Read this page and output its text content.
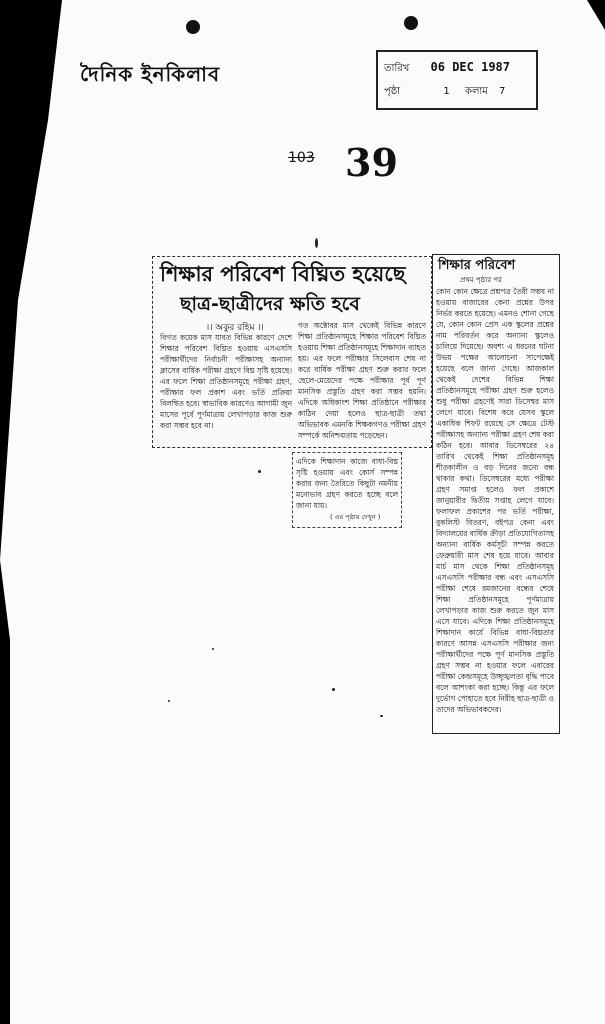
দৈনিক ইনকিলাব	তারিখ 06 DEC 1987
পৃষ্ঠা	1 কলাম 7
103 39
শিক্ষার পরিবেশ বিঘ্নিত হয়েছে
ছাত্র-ছাত্রীদের ক্ষতি হবে
।। অকুর রহিম ।।
বিগত কয়েক মাস যাবত বিভিন্ন কারণে দেশে শিক্ষার পরিবেশ বিঘ্নিত হওয়ায় এসএসসি পরীক্ষার্থীদের নির্বাচনী পরীক্ষাসহ অন্যান্য ক্লাসের বার্ষিক পরীক্ষা গ্রহণে বিঘ্ন সৃষ্টি হয়েছে। এর ফলে শিক্ষা প্রতিষ্ঠানসমূহে পরীক্ষা গ্রহণ, পরীক্ষার ফল প্রকাশ এবং ভর্তি প্রক্রিয়া বিলম্বিত হবে। স্বাভাবিক কারণেও আগামী জুন মাসের পূর্বে পূর্ণমাত্রায় লেখাপড়ার কাজ শুরু করা সম্ভব হবে না।
গত অক্টোবর মাস থেকেই বিভিন্ন কারণে শিক্ষা প্রতিষ্ঠানসমূহে শিক্ষার পরিবেশ বিঘ্নিত হওয়ায় শিক্ষা প্রতিষ্ঠানসমূহে শিক্ষাদান ব্যাহত হয়। এর ফলে পরীক্ষার সিলেবাস শেষ না করে বার্ষিক পরীক্ষা গ্রহণ শুরু করার ফলে ছেলে-মেয়েদের পক্ষে পরীক্ষার পূর্ব পূর্ণ মানসিক প্রস্তুতি গ্রহণ করা সম্ভব হয়নি। এদিকে অধিকাংশ শিক্ষা প্রতিষ্ঠানে পরীক্ষার কাঠিন দেয়া হলেও ছাত্র-ছাত্রী তথা অভিভাবক এমনকি শিক্ষকগণও পরীক্ষা গ্রহণ সম্পর্কে অনিশ্চয়তায় পড়েছেন।
এদিকে শিক্ষাদান কাজে বাধা-বিঘ্ন সৃষ্টি হওয়ায় এবং কোর্স সম্পন্ন করার জন্য তৈরিতে কিছুটা নমনীয় মনোভাব গ্রহণ করতে হচ্ছে বলে জানা যায়।
( এর পৃষ্ঠায় দেখুন )
শিক্ষার পরিবেশ
প্রথম পৃষ্ঠার পর
কোন কোন ক্ষেত্রে প্রশ্নপত্র তৈরী সম্ভব না হওয়ায় বাজারের কেনা প্রশ্নের উপর নির্ভর করতে হয়েছে। এমনও শোনা গেছে যে, কোন কোন প্রেস এক স্কুলের প্রশ্নের নাম পরিবর্তন করে অন্যান্য স্কুলেও চালিয়ে দিয়েছে। অবশ্য এ ধরনের ঘটনা উভয় পক্ষের আলোচনা সাপেক্ষেই হয়েছে বলে জানা গেছে। আজকাল থেকেই দেশের বিভিন্ন শিক্ষা প্রতিষ্ঠানসমূহে পরীক্ষা গ্রহণ শুরু হলেও শুধু পরীক্ষা গ্রহণেই সারা ডিসেম্বর মাস লেগে যাবে। বিশেষ করে যেসব স্কুলে একাধিক শিফট রয়েছে সে ক্ষেত্রে টেস্ট পরীক্ষাসহ অন্যান্য পরীক্ষা গ্রহণ শেষ করা কঠিন হবে। আবার ডিসেম্বরের ২৪ তারিখ থেকেই শিক্ষা প্রতিষ্ঠানসমূহ শীতকালীন ও বড় দিনের জন্যে বন্ধ থাকার কথা। ডিসেম্বরের মধ্যে পরীক্ষা গ্রহণ সমাপ্ত হলেও ফল প্রকাশে জানুয়ারীর দ্বিতীয় সপ্তাহ লেগে যাবে। ফলাফল প্রকাশের পর ভর্তি পরীক্ষা, বুকলিস্ট বিতরণ, বইপত্র কেনা এবং বিদ্যালয়ের বার্ষিক ক্রীড়া প্রতিযোগিতাসহ অন্যান্য বার্ষিক কর্মসূচী সম্পন্ন করতে ফেব্রুয়ারী মাস শেষ হয়ে যাবে। আবার মার্চ মাস থেকে শিক্ষা প্রতিষ্ঠানসমূহ এসএসসি পরীক্ষার বন্ধ এবং এসএসসি পরীক্ষা শেষে রমজানের বন্ধের শেষে শিক্ষা প্রতিষ্ঠানসমূহে পূর্ণমাত্রায় লেখাপড়ার কাজ শুরু করতে জুন মাস এসে যাবে। এদিকে শিক্ষা প্রতিষ্ঠানসমূহে শিক্ষাদান কার্যে বিভিন্ন বাধা-বিঘ্নতার কারণে আসন্ন এসএসসি পরীক্ষার জন্য পরীক্ষার্থীদের পক্ষে পূর্ণ মানসিক প্রস্তুতি গ্রহণ সম্ভব না হওয়ার ফলে এবারের পরীক্ষা কেন্দ্রসমূহে উচ্ছৃঙ্খলতা বৃদ্ধি পাবে বলে আশংকা করা হচ্ছে। কিন্তু এর ফলে দুর্ভোগ পোহাতে হবে নিরীহ ছাত্র-ছাত্রী ও তাদের অভিভাবকদের।
